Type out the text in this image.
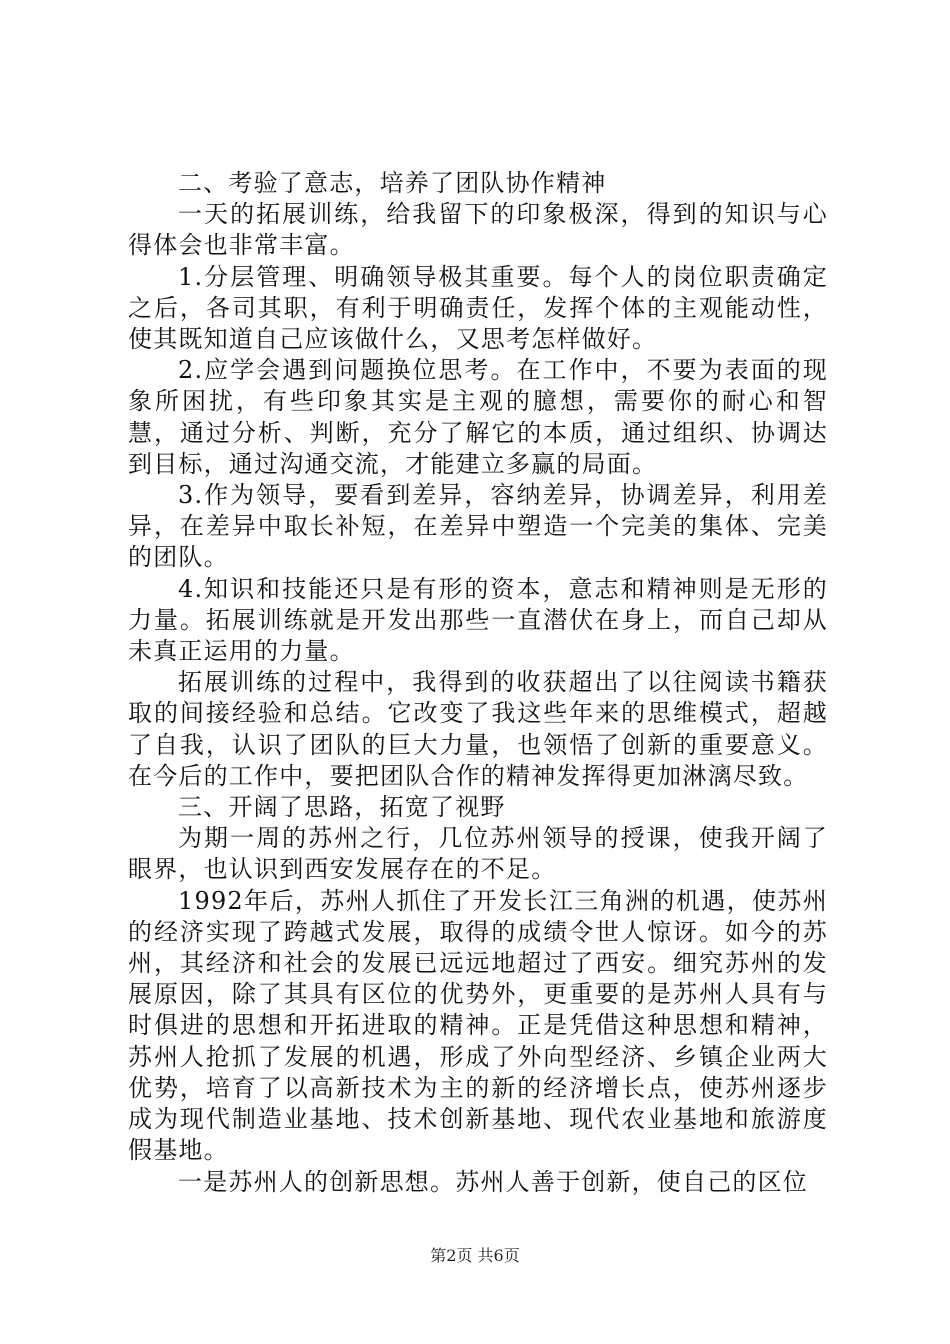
二、考验了意志，培养了团队协作精神

一天的拓展训练，给我留下的印象极深，得到的知识与心得体会也非常丰富。

1.分层管理、明确领导极其重要。每个人的岗位职责确定之后，各司其职，有利于明确责任，发挥个体的主观能动性，使其既知道自己应该做什么，又思考怎样做好。

2.应学会遇到问题换位思考。在工作中，不要为表面的现象所困扰，有些印象其实是主观的臆想，需要你的耐心和智慧，通过分析、判断，充分了解它的本质，通过组织、协调达到目标，通过沟通交流，才能建立多赢的局面。

3.作为领导，要看到差异，容纳差异，协调差异，利用差异，在差异中取长补短，在差异中塑造一个完美的集体、完美的团队。

4.知识和技能还只是有形的资本，意志和精神则是无形的力量。拓展训练就是开发出那些一直潜伏在身上，而自己却从未真正运用的力量。

拓展训练的过程中，我得到的收获超出了以往阅读书籍获取的间接经验和总结。它改变了我这些年来的思维模式，超越了自我，认识了团队的巨大力量，也领悟了创新的重要意义。在今后的工作中，要把团队合作的精神发挥得更加淋漓尽致。

三、开阔了思路，拓宽了视野

为期一周的苏州之行，几位苏州领导的授课，使我开阔了眼界，也认识到西安发展存在的不足。

1992年后，苏州人抓住了开发长江三角洲的机遇，使苏州的经济实现了跨越式发展，取得的成绩令世人惊讶。如今的苏州，其经济和社会的发展已远远地超过了西安。细究苏州的发展原因，除了其具有区位的优势外，更重要的是苏州人具有与时俱进的思想和开拓进取的精神。正是凭借这种思想和精神，苏州人抢抓了发展的机遇，形成了外向型经济、乡镇企业两大优势，培育了以高新技术为主的新的经济增长点，使苏州逐步成为现代制造业基地、技术创新基地、现代农业基地和旅游度假基地。

一是苏州人的创新思想。苏州人善于创新，使自己的区位

第2页 共6页
